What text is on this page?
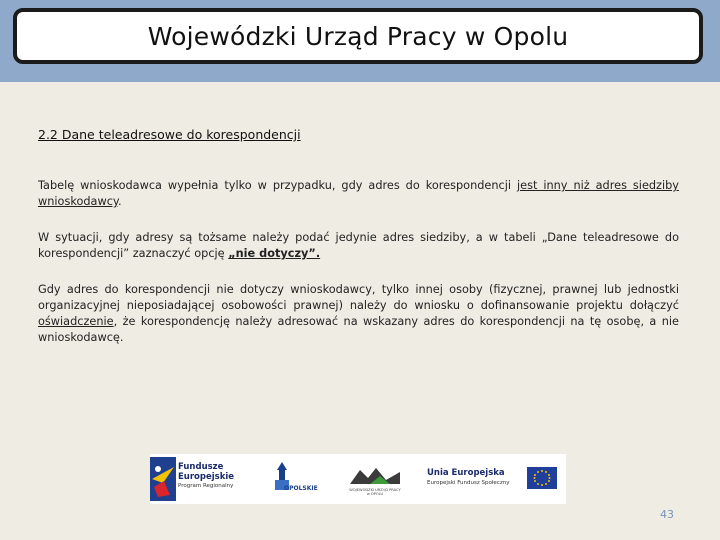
Wojewódzki Urząd Pracy w Opolu
2.2 Dane teleadresowe do korespondencji
Tabelę wnioskodawca wypełnia tylko w przypadku, gdy adres do korespondencji jest inny niż adres siedziby wnioskodawcy.
W sytuacji, gdy adresy są tożsame należy podać jedynie adres siedziby, a w tabeli „Dane teleadresowe do korespondencji” zaznaczyć opcję „nie dotyczy”.
Gdy adres do korespondencji nie dotyczy wnioskodawcy, tylko innej osoby (fizycznej, prawnej lub jednostki organizacyjnej nieposiadającej osobowości prawnej) należy do wniosku o dofinansowanie projektu dołączyć oświadczenie, że korespondencję należy adresować na wskazany adres do korespondencji na tę osobę, a nie wnioskodawcę.
Fundusze
Europejskie
Program Regionalny	OPOLSKIE	WOJEWÓDZKI URZĄD PRACY
w OPOLU
Unia Europejska
Europejski Fundusz Społeczny
43
